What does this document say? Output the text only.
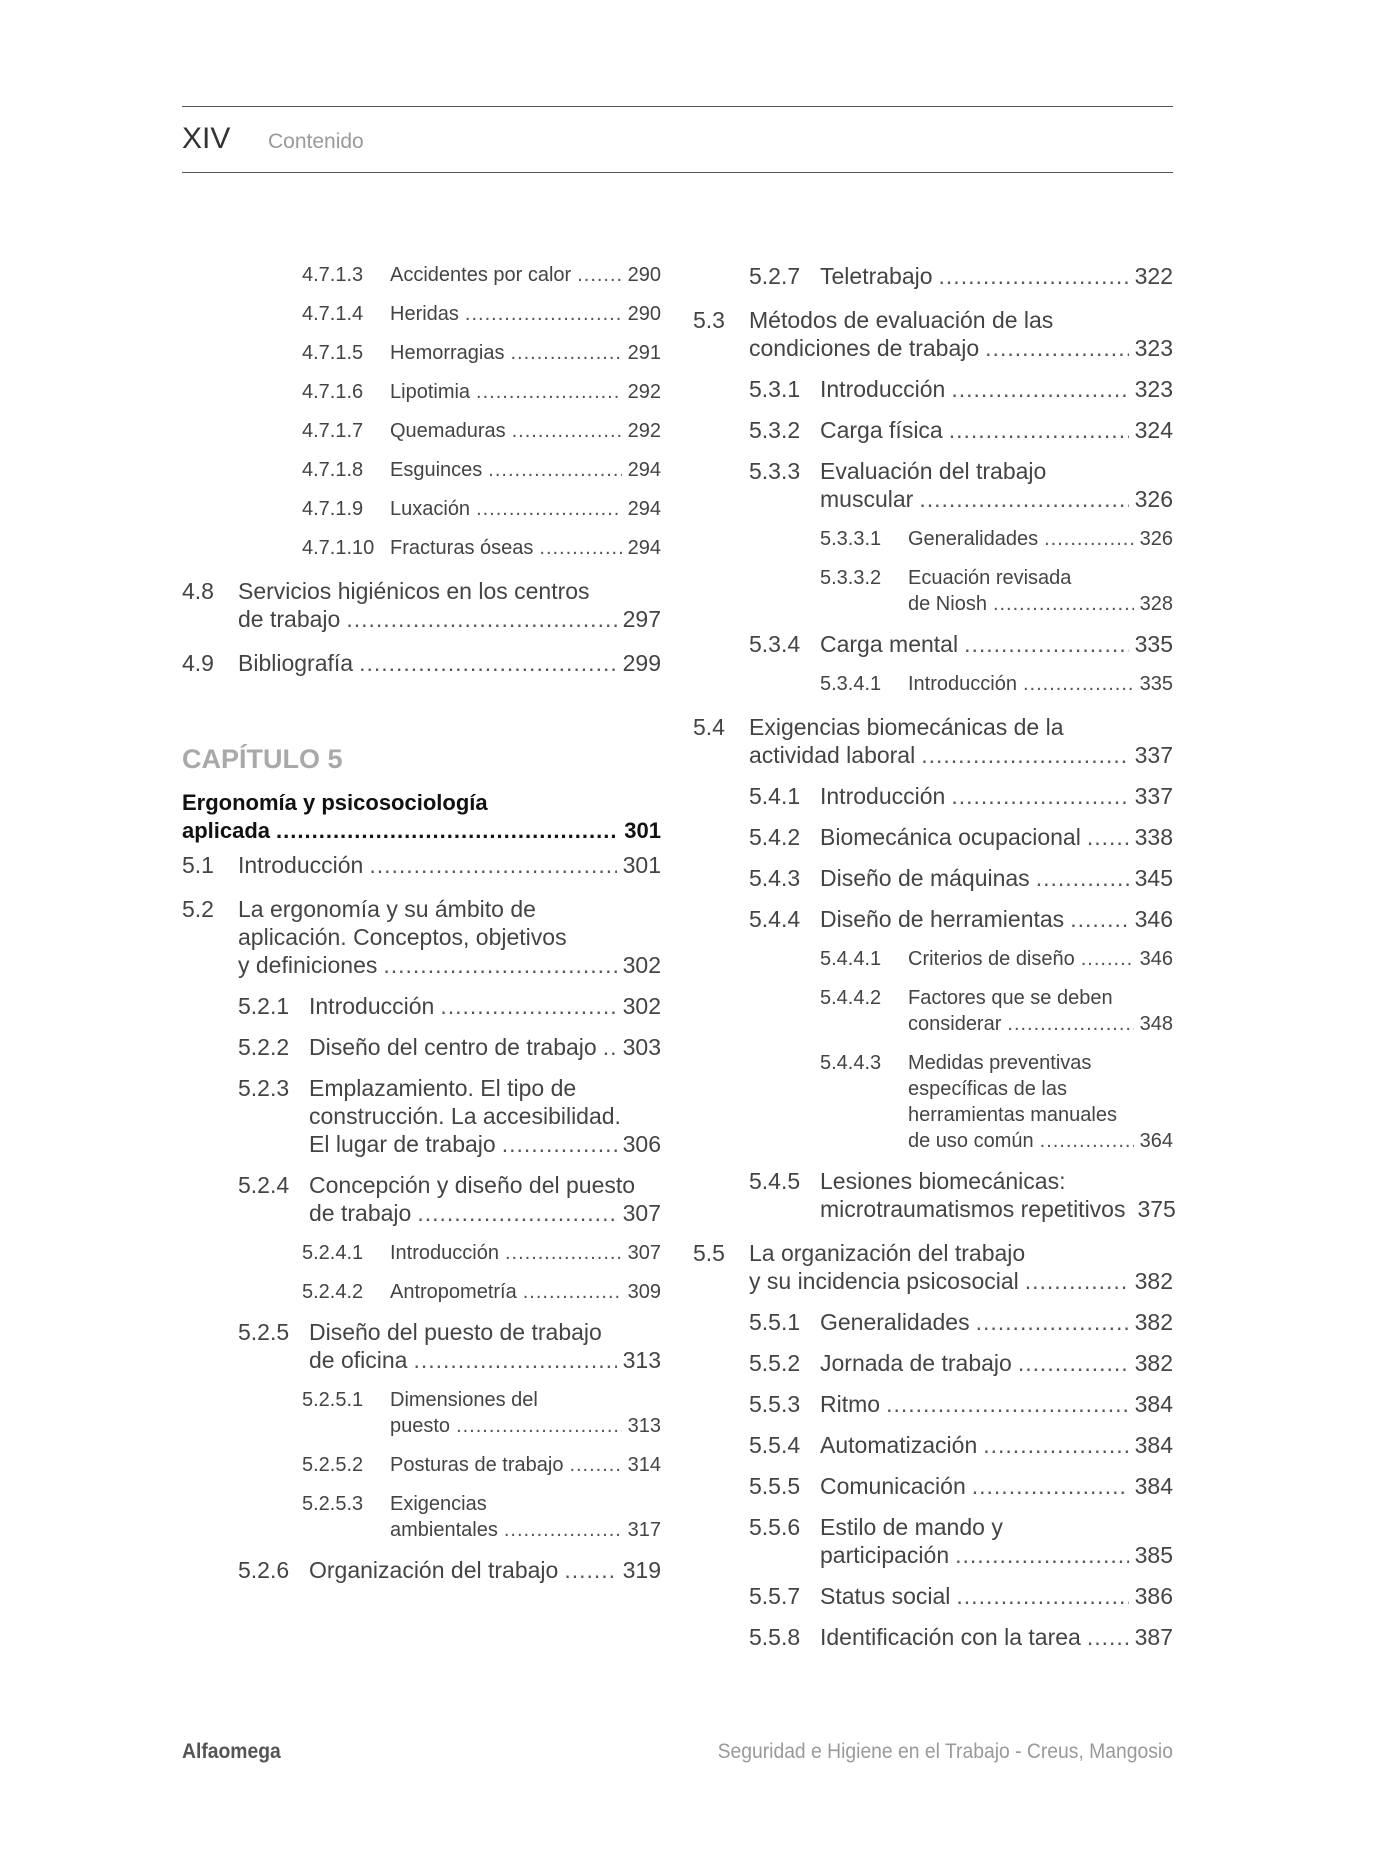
XIV Contenido
4.7.1.3	Accidentes por calor .....	290
4.7.1.4	Heridas .....	290
4.7.1.5	Hemorragias .....	291
4.7.1.6	Lipotimia .....	292
4.7.1.7	Quemaduras .....	292
4.7.1.8	Esguinces .....	294
4.7.1.9	Luxación .....	294
4.7.1.10 Fracturas óseas .....	294
4.8	Servicios higiénicos en los centros
de trabajo .....	297
4.9	Bibliografía .....	299
CAPÍTULO 5
Ergonomía y psicosociología
aplicada .....	301
5.1	Introducción .....	301
5.2	La ergonomía y su ámbito de
aplicación. Conceptos, objetivos
y definiciones .....	302
5.2.1 Introducción .....	302
5.2.2 Diseño del centro de trabajo ..... 303
5.2.3 Emplazamiento. El tipo de
construcción. La accesibilidad.
El lugar de trabajo .....	306
5.2.4 Concepción y diseño del puesto
de trabajo .....	307
5.2.4.1	Introducción .....	307
5.2.4.2	Antropometría .....	309
5.2.5 Diseño del puesto de trabajo
de oficina .....	313
5.2.5.1	Dimensiones del
puesto .....	313
5.2.5.2	Posturas de trabajo .....	314
5.2.5.3	Exigencias
ambientales .....	317
5.2.6 Organización del trabajo .....	319
5.2.7 Teletrabajo .....	322
5.3	Métodos de evaluación de las
condiciones de trabajo .....	323
5.3.1 Introducción .....	323
5.3.2 Carga física .....	324
5.3.3 Evaluación del trabajo
muscular .....	326
5.3.3.1	Generalidades .....	326
5.3.3.2	Ecuación revisada
de Niosh .....	328
5.3.4 Carga mental .....	335
5.3.4.1	Introducción .....	335
5.4	Exigencias biomecánicas de la
actividad laboral .....	337
5.4.1 Introducción .....	337
5.4.2 Biomecánica ocupacional ..... 338
5.4.3 Diseño de máquinas .....	345
5.4.4 Diseño de herramientas .....	346
5.4.4.1	Criterios de diseño .....	346
5.4.4.2	Factores que se deben
considerar .....	348
5.4.4.3	Medidas preventivas
específicas de las
herramientas manuales
de uso común .....	364
5.4.5 Lesiones biomecánicas:
microtraumatismos repetitivos 375
5.5	La organización del trabajo
y su incidencia psicosocial .....	382
5.5.1 Generalidades .....	382
5.5.2 Jornada de trabajo .....	382
5.5.3 Ritmo .....	384
5.5.4 Automatización .....	384
5.5.5 Comunicación .....	384
5.5.6 Estilo de mando y
participación .....	385
5.5.7 Status social .....	386
5.5.8 Identificación con la tarea ..... 387
Alfaomega	Seguridad e Higiene en el Trabajo - Creus, Mangosio
